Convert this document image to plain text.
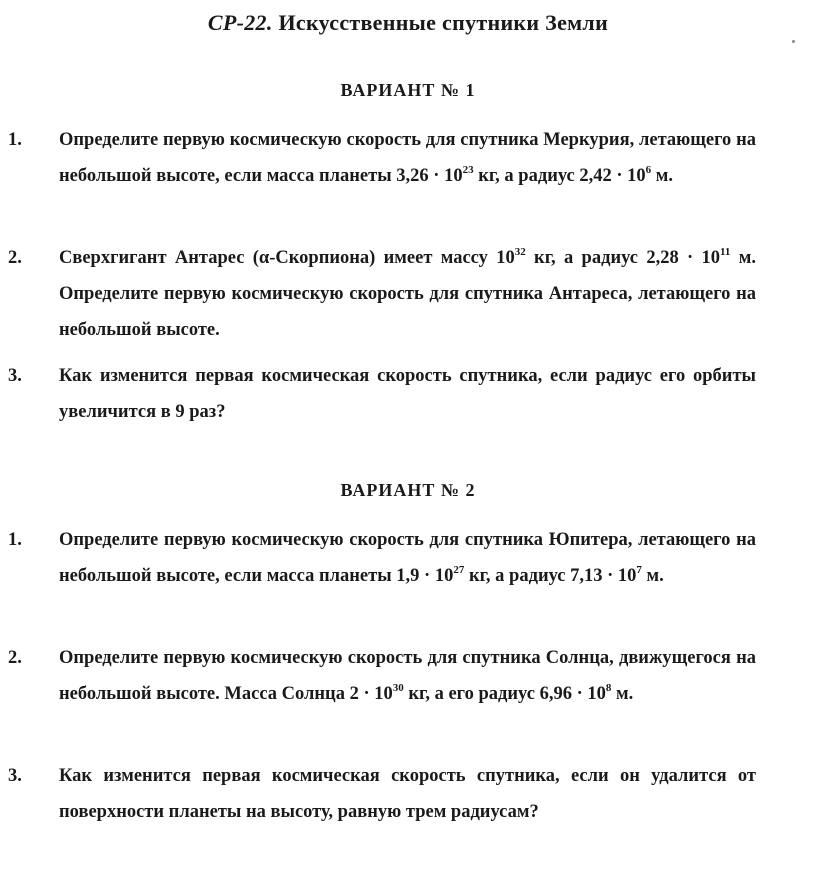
СР-22. Искусственные спутники Земли
ВАРИАНТ № 1
1.	Определите первую космическую скорость для спутника Меркурия, летающего на небольшой высоте, если масса планеты $3,26 \cdot 10^{23}$ кг, а радиус $2,42 \cdot 10^6$ м.
2.	Сверхгигант Антарес (α-Скорпиона) имеет массу $10^{32}$ кг, а радиус $2,28 \cdot 10^{11}$ м. Определите первую космическую скорость для спутника Антареса, летающего на небольшой высоте.
3.	Как изменится первая космическая скорость спутника, если радиус его орбиты увеличится в 9 раз?
ВАРИАНТ № 2
1.	Определите первую космическую скорость для спутника Юпитера, летающего на небольшой высоте, если масса планеты $1,9 \cdot 10^{27}$ кг, а радиус $7,13 \cdot 10^7$ м.
2.	Определите первую космическую скорость для спутника Солнца, движущегося на небольшой высоте. Масса Солнца $2 \cdot 10^{30}$ кг, а его радиус $6,96 \cdot 10^8$ м.
3.	Как изменится первая космическая скорость спутника, если он удалится от поверхности планеты на высоту, равную трем радиусам?
